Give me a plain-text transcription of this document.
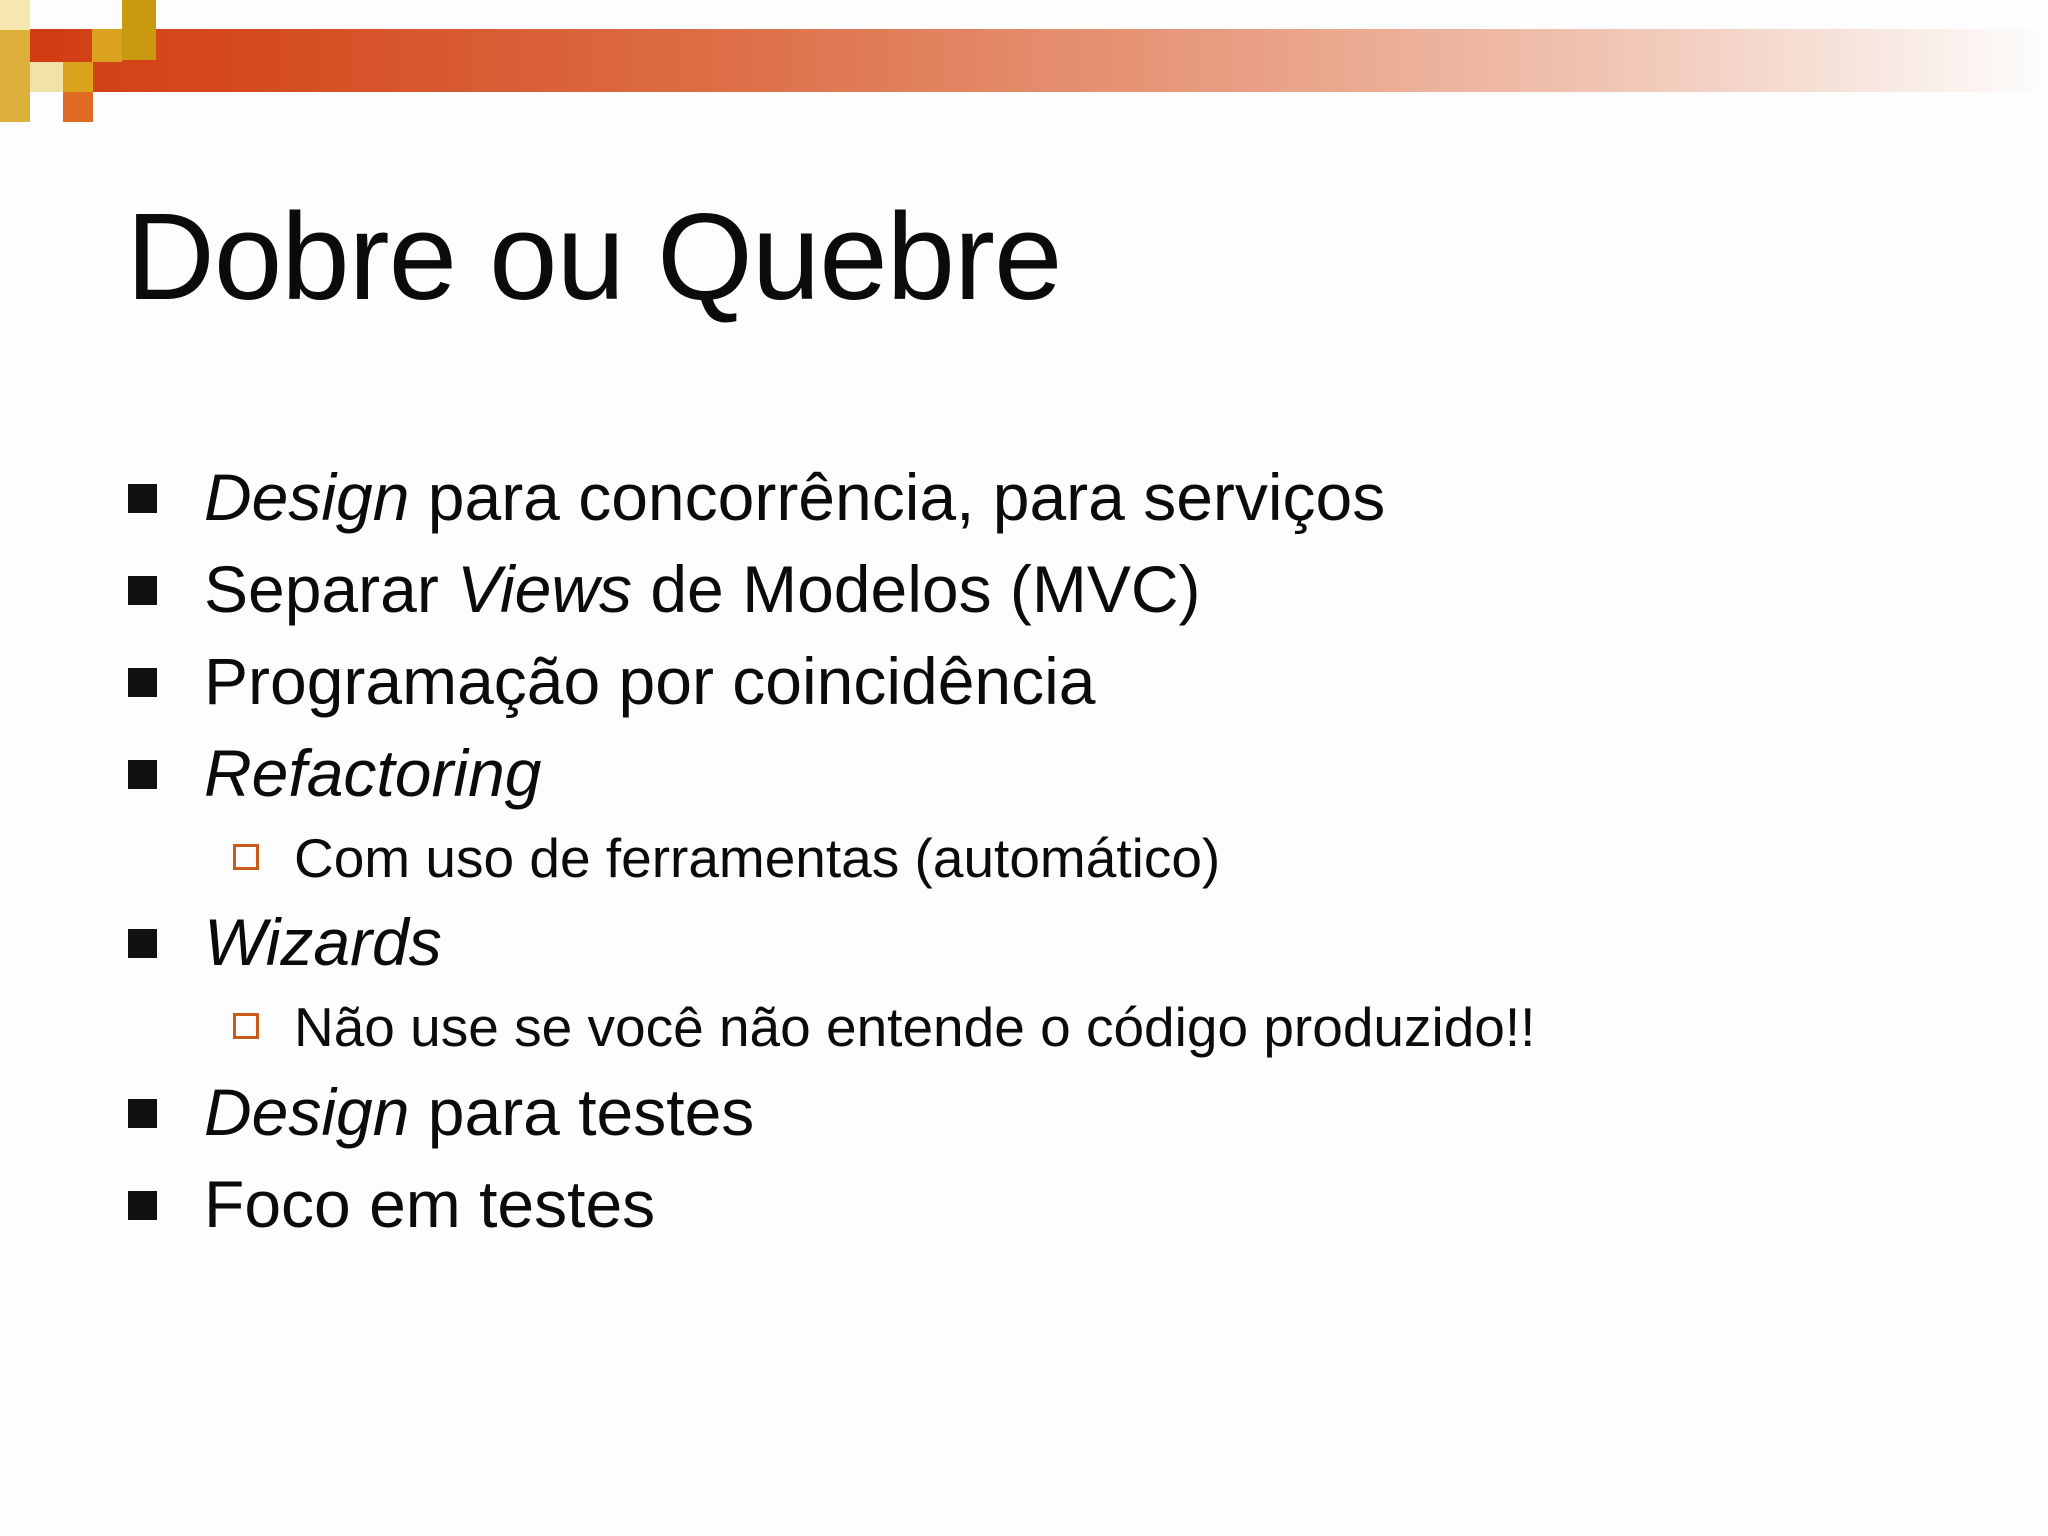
Dobre ou Quebre
Design para concorrência, para serviços
Separar Views de Modelos (MVC)
Programação por coincidência
Refactoring
Com uso de ferramentas (automático)
Wizards
Não use se você não entende o código produzido!!
Design para testes
Foco em testes
